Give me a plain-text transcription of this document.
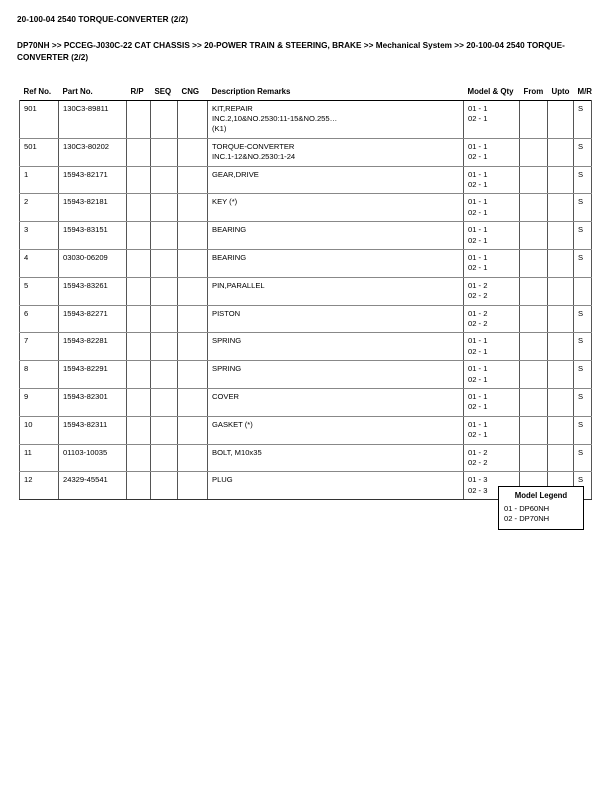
20-100-04 2540 TORQUE-CONVERTER (2/2)
DP70NH >> PCCEG-J030C-22 CAT CHASSIS >> 20-POWER TRAIN & STEERING, BRAKE >> Mechanical System >> 20-100-04 2540 TORQUE-CONVERTER (2/2)
Ref No.	Part No.	R/P	SEQ	CNG	Description Remarks	Model & Qty	From	Upto	M/R
901	130C3-89811				KIT,REPAIR
INC.2,10&NO.2530:11-15&NO.255…
(K1)	01 - 1
02 - 1			S
501	130C3-80202				TORQUE-CONVERTER
INC.1-12&NO.2530:1-24	01 - 1
02 - 1			S
1	15943-82171				GEAR,DRIVE	01 - 1
02 - 1			S
2	15943-82181				KEY (*)	01 - 1
02 - 1			S
3	15943-83151				BEARING	01 - 1
02 - 1			S
4	03030-06209				BEARING	01 - 1
02 - 1			S
5	15943-83261				PIN,PARALLEL	01 - 2
02 - 2			

6	15943-82271				PISTON	01 - 2
02 - 2			S
7	15943-82281				SPRING	01 - 1
02 - 1			S
8	15943-82291				SPRING	01 - 1
02 - 1			S
9	15943-82301				COVER	01 - 1
02 - 1			S
10	15943-82311				GASKET (*)	01 - 1
02 - 1			S
11	01103-10035				BOLT, M10x35	01 - 2
02 - 2			S
12	24329-45541				PLUG	01 - 3
02 - 3			S
Model Legend
01 - DP60NH
02 - DP70NH
